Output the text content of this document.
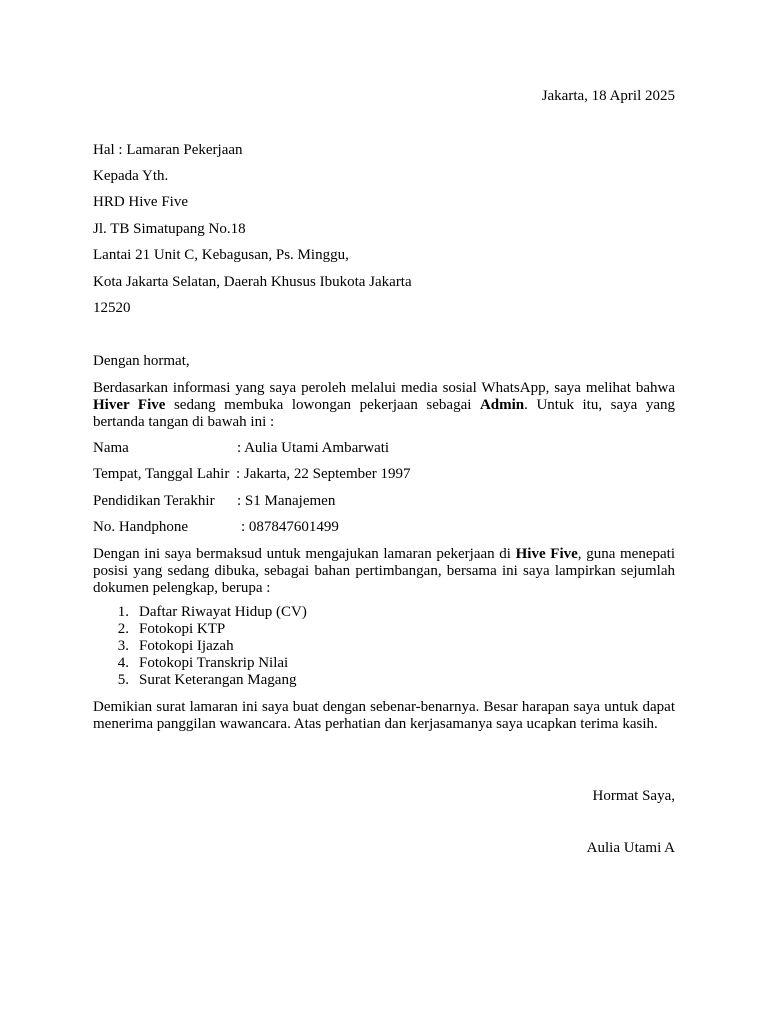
Jakarta, 18 April 2025
Hal : Lamaran Pekerjaan
Kepada Yth.
HRD Hive Five
Jl. TB Simatupang No.18
Lantai 21 Unit C, Kebagusan, Ps. Minggu,
Kota Jakarta Selatan, Daerah Khusus Ibukota Jakarta
12520
Dengan hormat,
Berdasarkan informasi yang saya peroleh melalui media sosial WhatsApp, saya melihat bahwa Hiver Five sedang membuka lowongan pekerjaan sebagai Admin. Untuk itu, saya yang bertanda tangan di bawah ini :
Nama	: Aulia Utami Ambarwati
Tempat, Tanggal Lahir : Jakarta, 22 September 1997
Pendidikan Terakhir : S1 Manajemen
No. Handphone	: 087847601499
Dengan ini saya bermaksud untuk mengajukan lamaran pekerjaan di Hive Five, guna menepati posisi yang sedang dibuka, sebagai bahan pertimbangan, bersama ini saya lampirkan sejumlah dokumen pelengkap, berupa :
1. Daftar Riwayat Hidup (CV)
2. Fotokopi KTP
3. Fotokopi Ijazah
4. Fotokopi Transkrip Nilai
5. Surat Keterangan Magang
Demikian surat lamaran ini saya buat dengan sebenar-benarnya. Besar harapan saya untuk dapat menerima panggilan wawancara. Atas perhatian dan kerjasamanya saya ucapkan terima kasih.
Hormat Saya,
Aulia Utami A
